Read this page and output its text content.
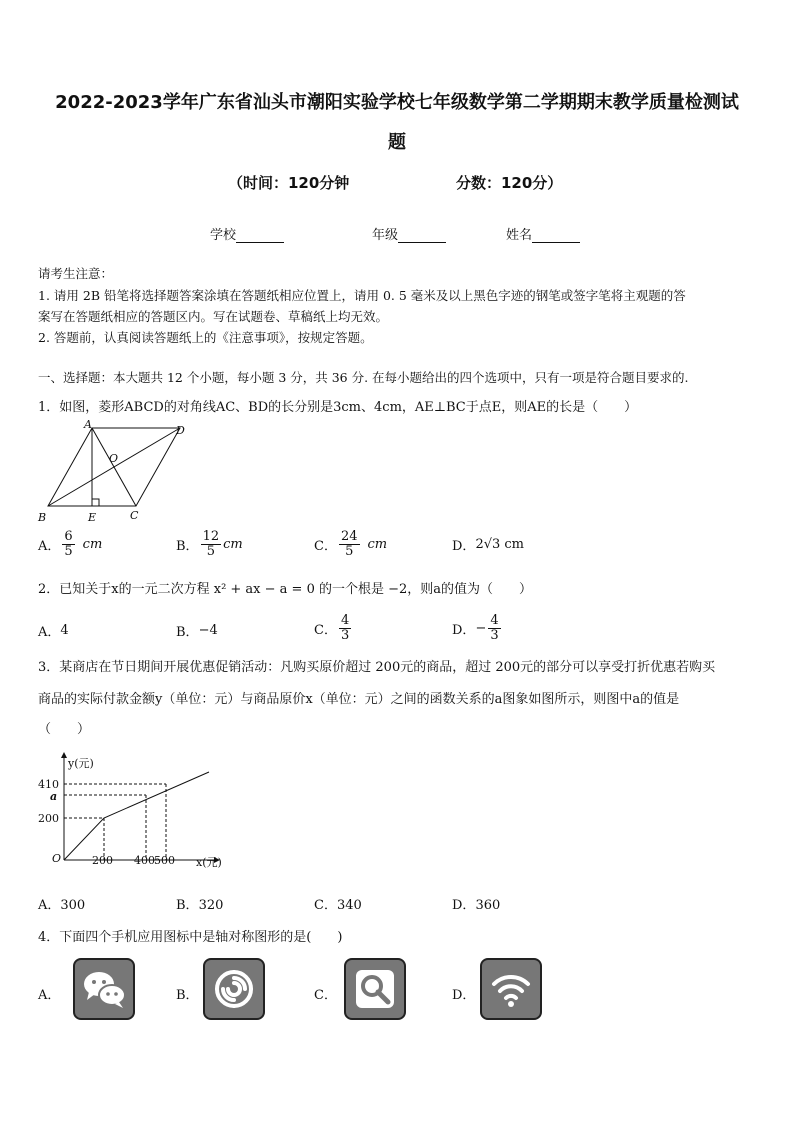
2022-2023学年广东省汕头市潮阳实验学校七年级数学第二学期期末教学质量检测试
题
（时间：120分钟	分数：120分）
学校	年级	姓名
请考生注意：
1. 请用 2B 铅笔将选择题答案涂填在答题纸相应位置上，请用 0. 5 毫米及以上黑色字迹的钢笔或签字笔将主观题的答
案写在答题纸相应的答题区内。写在试题卷、草稿纸上均无效。
2. 答题前，认真阅读答题纸上的《注意事项》，按规定答题。
一、选择题：本大题共 12 个小题，每小题 3 分，共 36 分. 在每小题给出的四个选项中，只有一项是符合题目要求的.
1．如图，菱形ABCD的对角线AC、BD的长分别是3cm、4cm，AE⊥BC于点E，则AE的长是（　　）
A	D
O
B	E	C
A． $\frac{6}{5}$ cm	B． $\frac{12}{5}$ cm	C． $\frac{24}{5}$ cm	D． 2√3 cm
2．已知关于x的一元二次方程 x² + ax − a = 0 的一个根是 −2，则a的值为（　　）
A． 4	B． −4	C． $\frac{4}{3}$	D． − $\frac{4}{3}$
3．某商店在节日期间开展优惠促销活动：凡购买原价超过 200元的商品，超过 200元的部分可以享受打折优惠若购买
商品的实际付款金额y（单位：元）与商品原价x（单位：元）之间的函数关系的a图象如图所示，则图中a的值是
（　　）
y(元)
x(元)
O
410
a
200
200 400 500
A．300	B．320	C．340	D．360
4．下面四个手机应用图标中是轴对称图形的是(　　)
A．	B．	C．	D．
